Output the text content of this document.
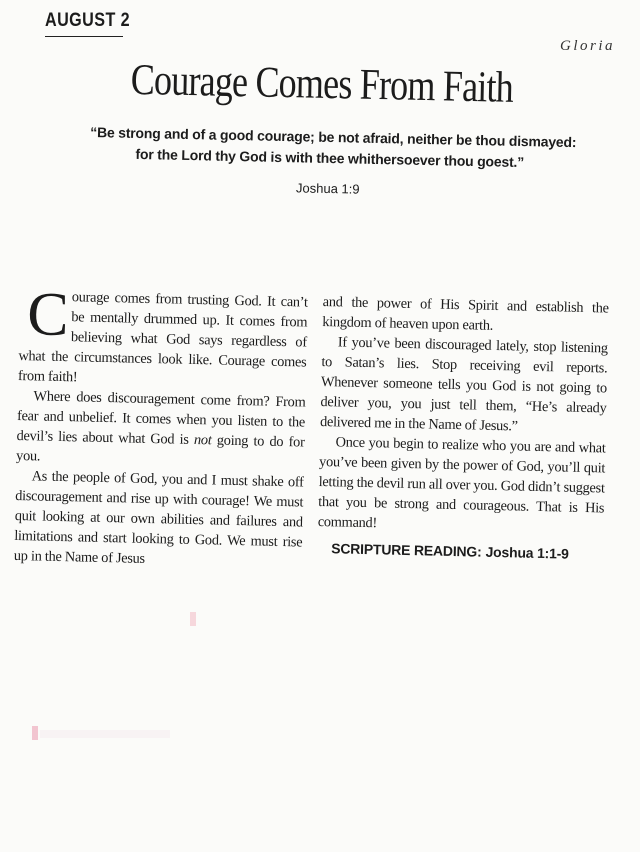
AUGUST 2
Gloria
Courage Comes From Faith
“Be strong and of a good courage; be not afraid, neither be thou dismayed:
for the Lord thy God is with thee whithersoever thou goest.”
Joshua 1:9

Courage comes from trusting God. It can’t be mentally drummed up. It comes from believing what God says regardless of what the circumstances look like. Courage comes from faith!

Where does discouragement come from? From fear and unbelief. It comes when you listen to the devil’s lies about what God is not going to do for you.

As the people of God, you and I must shake off discouragement and rise up with courage! We must quit looking at our own abilities and failures and limitations and start looking to God. We must rise up in the Name of Jesus

and the power of His Spirit and establish the kingdom of heaven upon earth.

If you’ve been discouraged lately, stop listening to Satan’s lies. Stop receiving evil reports. Whenever someone tells you God is not going to deliver you, you just tell them, “He’s already delivered me in the Name of Jesus.”

Once you begin to realize who you are and what you’ve been given by the power of God, you’ll quit letting the devil run all over you. God didn’t suggest that you be strong and courageous. That is His command!

SCRIPTURE READING: Joshua 1:1-9
